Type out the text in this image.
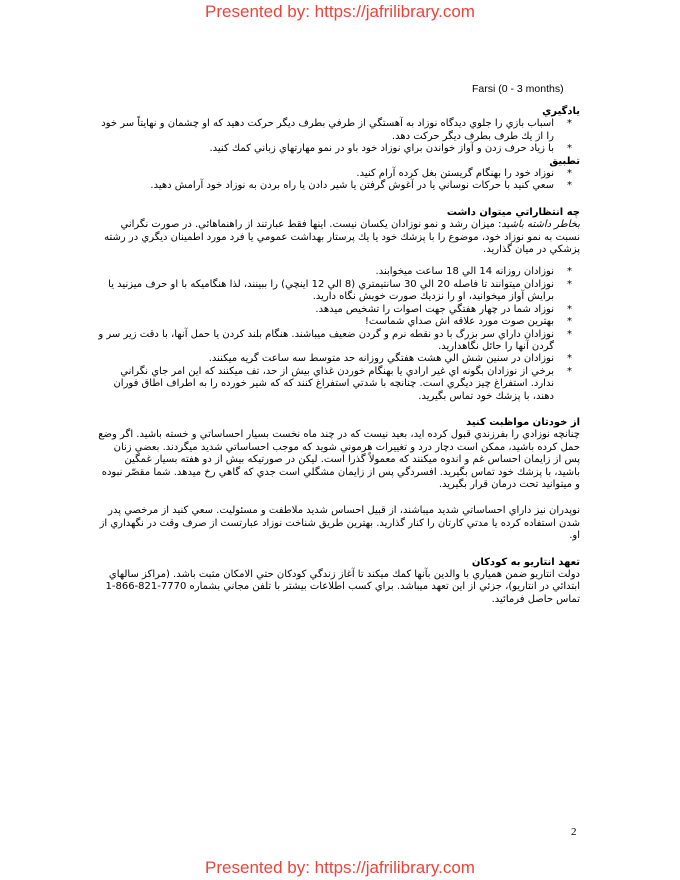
Presented by: https://jafrilibrary.com
Farsi (0 - 3 months)
يادگيري
*
اسباب بازي را جلوي ديدگاه نوزاد به آهستگي از طرفي بطرف ديگر حركت دهيد كه او چشمان و نهايتاً سر خود را از يك طرف بطرف ديگر حركت دهد.
*
با زياد حرف زدن و آواز خواندن براي نوزاد خود باو در نمو مهارتهاي زباني كمك كنيد.
تطبيق
*
نوزاد خود را بهنگام گريستن بغل كرده آرام كنيد.
*
سعي كنيد با حركات نوساني يا در آغوش گرفتن يا شير دادن يا راه بردن به نوزاد خود آرامش دهيد.
چه انتظاراتي ميتوان داشت

بخاطر داشته باشيد: ميزان رشد و نمو نوزادان يكسان نيست. اينها فقط عبارتند از راهنماهائي. در صورت نگراني نسبت به نمو نوزاد خود، موضوع را با پزشك خود يا يك پرستار بهداشت عمومي يا فرد مورد اطمينان ديگري در رشته پزشكي در ميان گذاريد.

*
نوزادان روزانه 14 الي 18 ساعت ميخوابند.
*
نوزادان ميتوانند تا فاصله 20 الي 30 سانتيمتري (8 الي 12 اينچي) را ببينند، لذا هنگاميكه با او حرف ميزنيد يا برايش آواز ميخوانيد، او را نزديك صورت خويش نگاه داريد.
*
نوزاد شما در چهار هفتگي جهت اصوات را تشخيص ميدهد.
*
بهترين صوت مورد علاقه اش صداي شماست!
*
نوزادان داراي سر بزرگ با دو نقطه نرم و گردن ضعيف ميباشند. هنگام بلند كردن يا حمل آنها، با دقت زير سر و گردن آنها را حائل نگاهداريد.
*
نوزادان در سنين شش الي هشت هفتگي روزانه حد متوسط سه ساعت گريه ميكنند.
*
برخي از نوزادان بگونه اي غير ارادي يا بهنگام خوردن غذاي بيش از حد، تف ميكنند كه اين امر جاي نگراني ندارد. استفراغ چيز ديگري است. چنانچه با شدتي استفراغ كنند كه كه شير خورده را به اطراف اطاق فوران دهند، با پزشك خود تماس بگيريد.
از خودتان مواظبت كنيد

چنانچه نوزادي را بفرزندي قبول كرده ايد، بعيد نيست كه در چند ماه نخست بسيار احساساتي و خسته باشيد. اگر وضع حمل كرده باشيد، ممكن است دچار درد و تغييرات هرموني شويد كه موجب احساساتي شديد ميگردند. بعضي زنان پس از زايمان احساس غم و اندوه ميكنند كه معمولاً گذرا است. ليكن در صورتيكه بيش از دو هفته بسيار غمگين باشيد، با پزشك خود تماس بگيريد. افسردگي پس از زايمان مشگلي است جدي كه گاهي رخ ميدهد. شما مقصّر نبوده و ميتوانيد تحت درمان قرار بگيريد.

نوپدران نيز داراي احساساتي شديد ميباشند، از قبيل احساس شديد ملاطفت و مسئوليت. سعي كنيد از مرخصي پدر شدن استفاده كرده يا مدتي كارتان را كنار گذاريد. بهترين طريق شناخت نوزاد عبارتست از صرف وقت در نگهداري از او.

تعهد انتاريو به كودكان

دولت انتاريو ضمن همياري با والدين بآنها كمك ميكند تا آغاز زندگي كودكان حتي الامكان مثبت باشد. (مراكز سالهاي ابتدائي در انتاريو)، جزئي از اين تعهد ميباشد. براي كسب اطلاعات بيشتر با تلفن مجاني بشماره 1-866-821-7770 تماس حاصل فرمائيد.

2
Presented by: https://jafrilibrary.com
